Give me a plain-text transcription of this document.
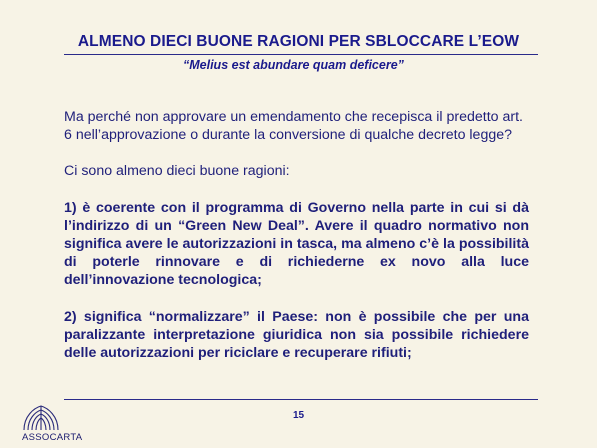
ALMENO DIECI BUONE RAGIONI PER SBLOCCARE L’EOW
“Melius est abundare quam deficere”

Ma perché non approvare un emendamento che recepisca il predetto art. 6 nell’approvazione o durante la conversione di qualche decreto legge?

Ci sono almeno dieci buone ragioni:

1) è coerente con il programma di Governo nella parte in cui si dà l’indirizzo di un “Green New Deal”. Avere il quadro normativo non significa avere le autorizzazioni in tasca, ma almeno c’è la possibilità di poterle rinnovare e di richiederne ex novo alla luce dell’innovazione tecnologica;

2) significa “normalizzare” il Paese: non è possibile che per una paralizzante interpretazione giuridica non sia possibile richiedere delle autorizzazioni per riciclare e recuperare rifiuti;

15
ASSOCARTA
